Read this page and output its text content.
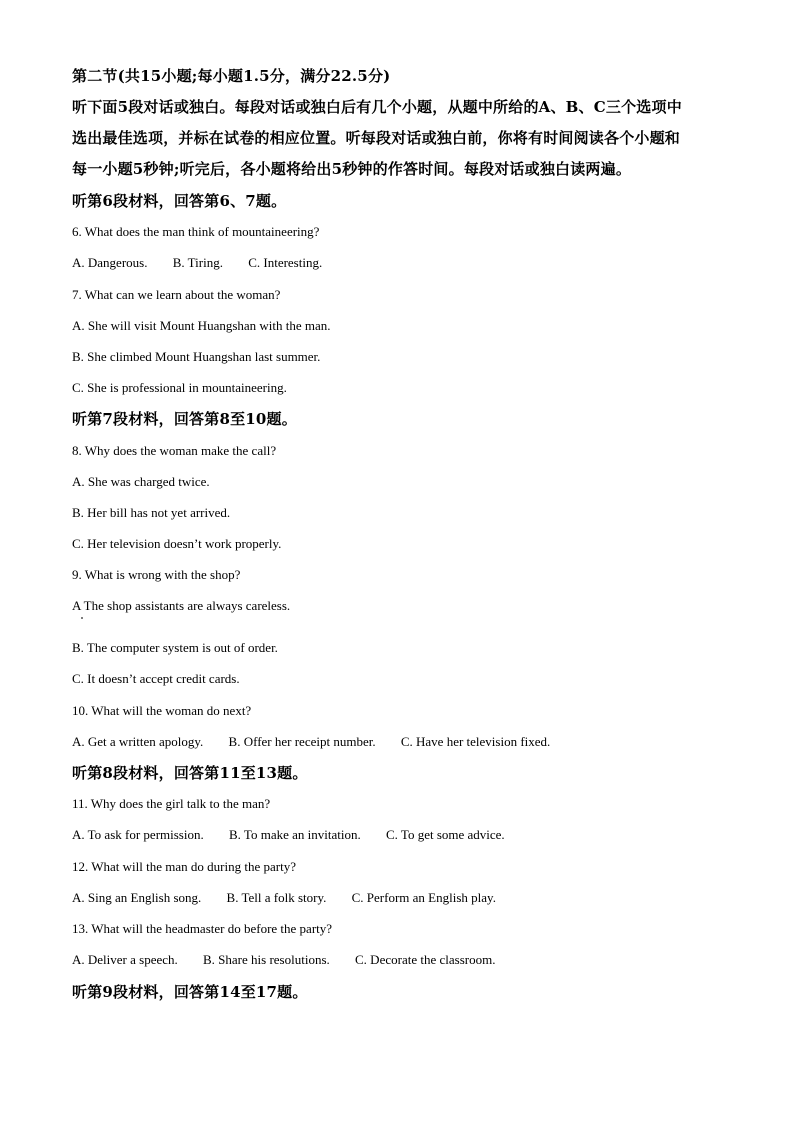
第二节(共15小题;每小题1.5分，满分22.5分)
听下面5段对话或独白。每段对话或独白后有几个小题，从题中所给的A、B、C三个选项中
选出最佳选项，并标在试卷的相应位置。听每段对话或独白前，你将有时间阅读各个小题和
每一小题5秒钟;听完后，各小题将给出5秒钟的作答时间。每段对话或独白读两遍。
听第6段材料，回答第6、7题。
6. What does the man think of mountaineering?
A. Dangerous. B. Tiring. C. Interesting.
7. What can we learn about the woman?
A. She will visit Mount Huangshan with the man.
B. She climbed Mount Huangshan last summer.
C. She is professional in mountaineering.
听第7段材料，回答第8至10题。
8. Why does the woman make the call?
A. She was charged twice.
B. Her bill has not yet arrived.
C. Her television doesn’t work properly.
9. What is wrong with the shop?
A The shop assistants are always careless.
B. The computer system is out of order.
C. It doesn’t accept credit cards.
10. What will the woman do next?
A. Get a written apology. B. Offer her receipt number. C. Have her television fixed.
听第8段材料，回答第11至13题。
11. Why does the girl talk to the man?
A. To ask for permission. B. To make an invitation. C. To get some advice.
12. What will the man do during the party?
A. Sing an English song. B. Tell a folk story. C. Perform an English play.
13. What will the headmaster do before the party?
A. Deliver a speech. B. Share his resolutions. C. Decorate the classroom.
听第9段材料，回答第14至17题。
